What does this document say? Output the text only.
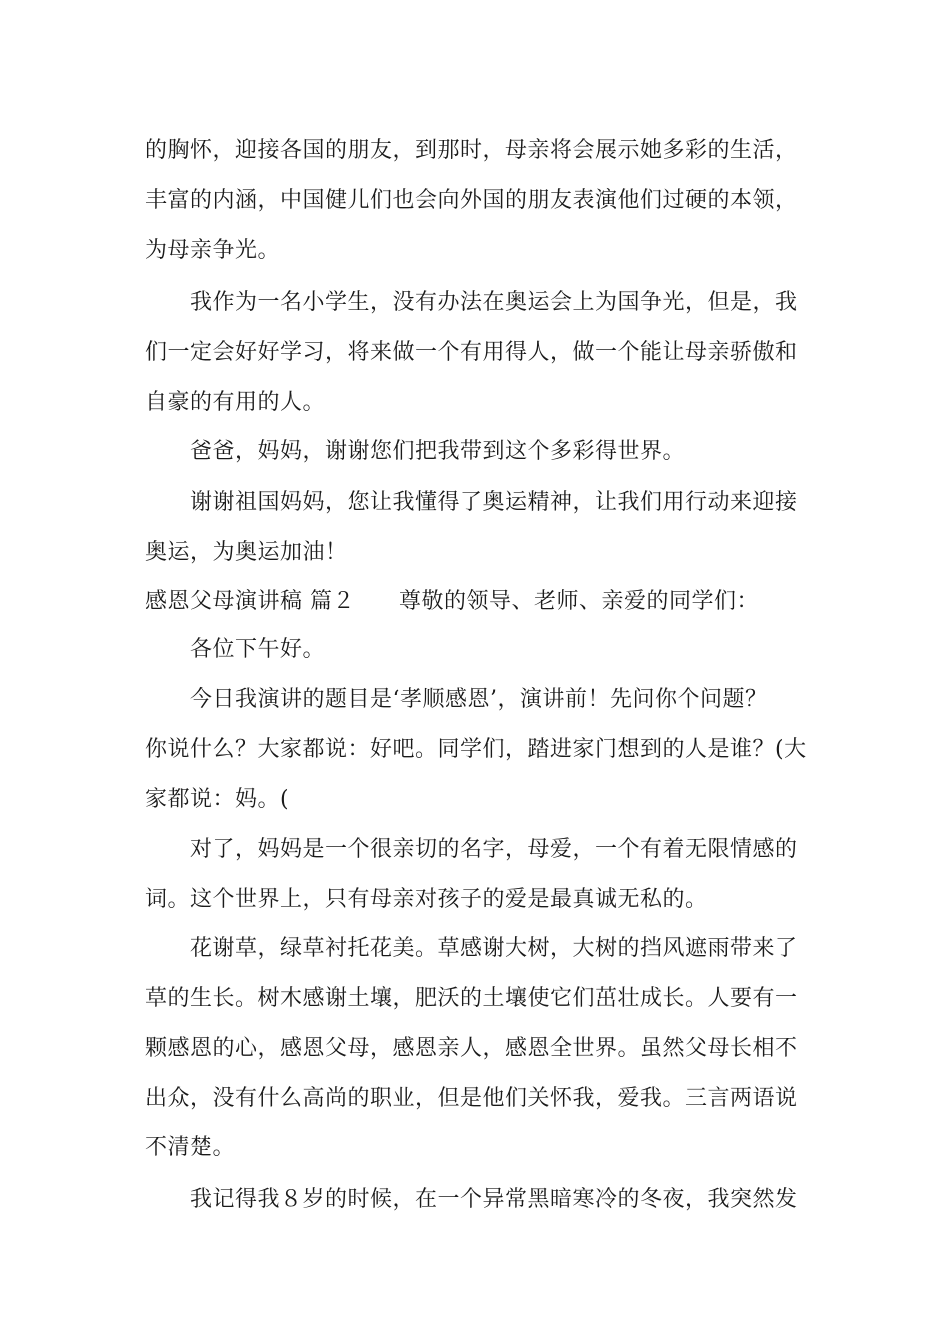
的胸怀，迎接各国的朋友，到那时，母亲将会展示她多彩的生活，
丰富的内涵，中国健儿们也会向外国的朋友表演他们过硬的本领，
为母亲争光。
我作为一名小学生，没有办法在奥运会上为国争光，但是，我
们一定会好好学习，将来做一个有用得人，做一个能让母亲骄傲和
自豪的有用的人。
爸爸，妈妈，谢谢您们把我带到这个多彩得世界。
谢谢祖国妈妈，您让我懂得了奥运精神，让我们用行动来迎接
奥运，为奥运加油！
感恩父母演讲稿 篇２ 尊敬的领导、老师、亲爱的同学们：
各位下午好。
今日我演讲的题目是‘孝顺感恩’，演讲前！先问你个问题？
你说什么？大家都说：好吧。同学们，踏进家门想到的人是谁？(大
家都说：妈。(
对了，妈妈是一个很亲切的名字，母爱，一个有着无限情感的
词。这个世界上，只有母亲对孩子的爱是最真诚无私的。
花谢草，绿草衬托花美。草感谢大树，大树的挡风遮雨带来了
草的生长。树木感谢土壤，肥沃的土壤使它们茁壮成长。人要有一
颗感恩的心，感恩父母，感恩亲人，感恩全世界。虽然父母长相不
出众，没有什么高尚的职业，但是他们关怀我，爱我。三言两语说
不清楚。
我记得我８岁的时候，在一个异常黑暗寒冷的冬夜，我突然发
